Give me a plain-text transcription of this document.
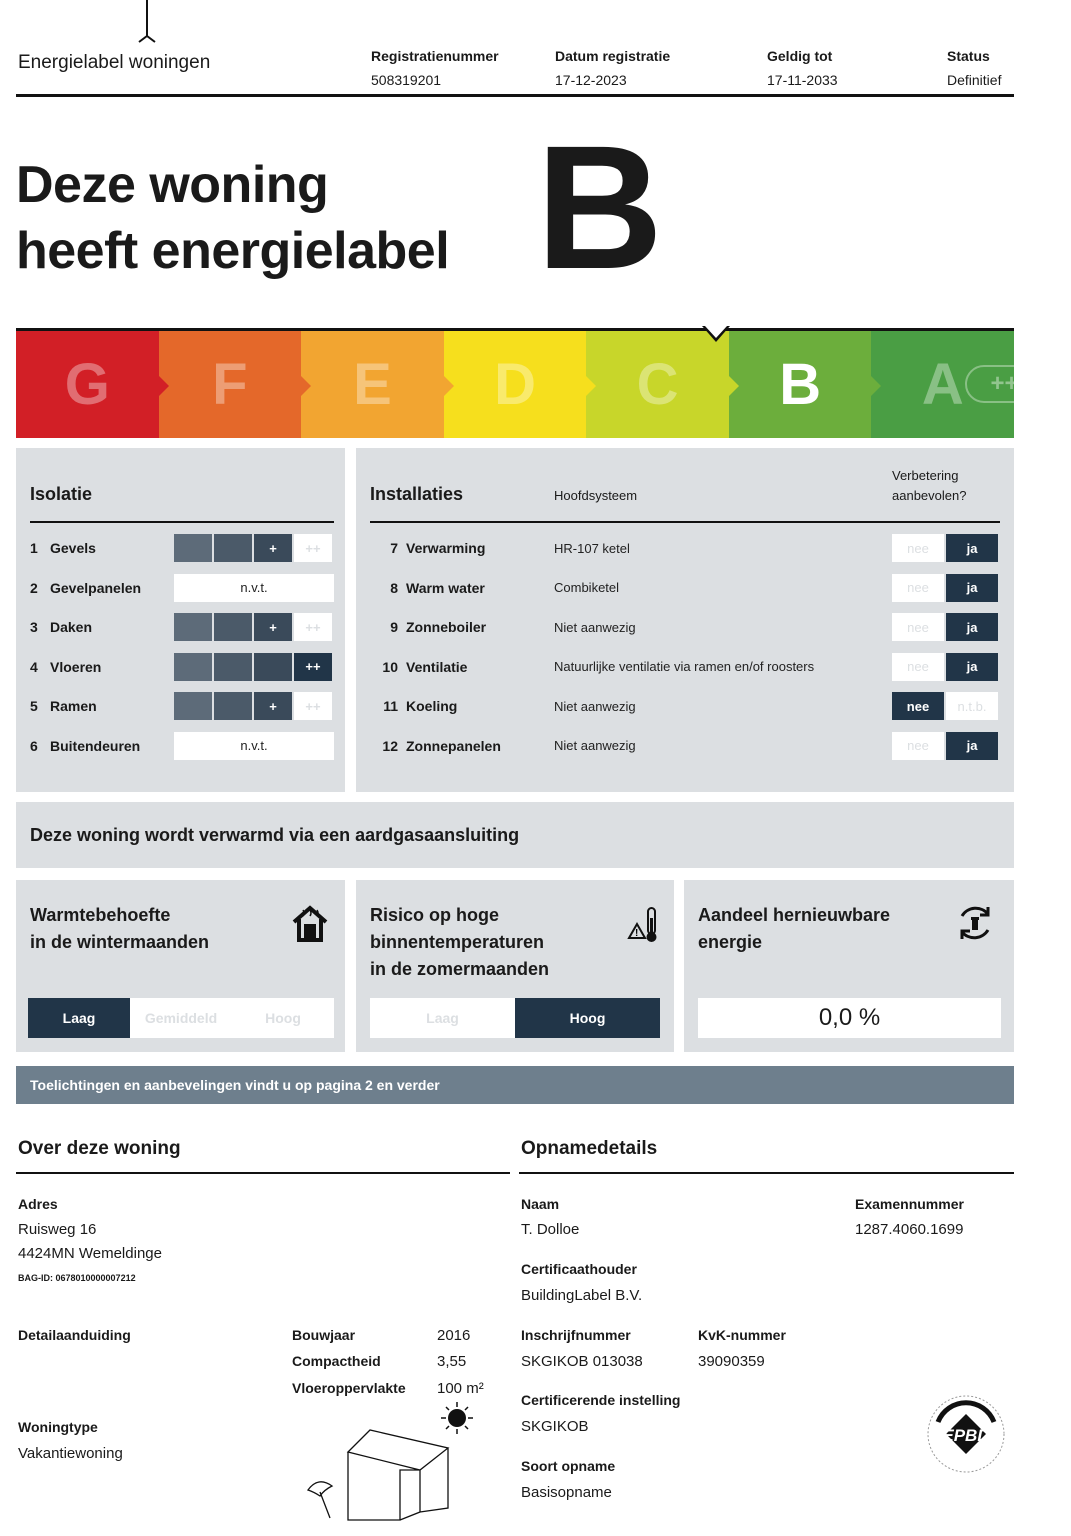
Energielabel woningen	Registratienummer
508319201
Datum registratie
17-12-2023
Geldig tot
17-11-2033
Status
Definitief
Deze woning
heeft energielabel B
G F E D C B A	++++
Isolatie
1 Gevels	+	++
2 Gevelpanelen	n.v.t.
3 Daken	+	++
4 Vloeren	++
5 Ramen	+	++
6 Buitendeuren	n.v.t.
Installaties	Hoofdsysteem
Verbetering
aanbevolen?
7 Verwarming	HR-107 ketel	nee	ja
8 Warm water	Combiketel	nee	ja
9 Zonneboiler	Niet aanwezig	nee	ja
10 Ventilatie	Natuurlijke ventilatie via ramen en/of roosters	nee	ja
11 Koeling	Niet aanwezig	nee	n.t.b.
12 Zonnepanelen	Niet aanwezig	nee	ja
Deze woning wordt verwarmd via een aardgasaansluiting
Warmtebehoefte
in de wintermaanden
Laag	Gemiddeld	Hoog
Risico op hoge
binnentemperaturen
in de zomermaanden
!
Laag	Hoog
Aandeel hernieuwbare
energie
0,0 %
Toelichtingen en aanbevelingen vindt u op pagina 2 en verder
Over deze woning
Adres
Ruisweg 16
4424MN Wemeldinge
BAG-ID: 0678010000007212
Detailaanduiding	Bouwjaar	2016
Compactheid	3,55
Vloeroppervlakte 100 m²
Woningtype
Vakantiewoning
Opnamedetails
Naam
T. Dolloe
Examennummer
1287.4060.1699
Certificaathouder
BuildingLabel B.V.
Inschrijfnummer
SKGIKOB 013038
KvK-nummer
39090359
Certificerende instelling
SKGIKOB
Soort opname
Basisopname
EPBD
